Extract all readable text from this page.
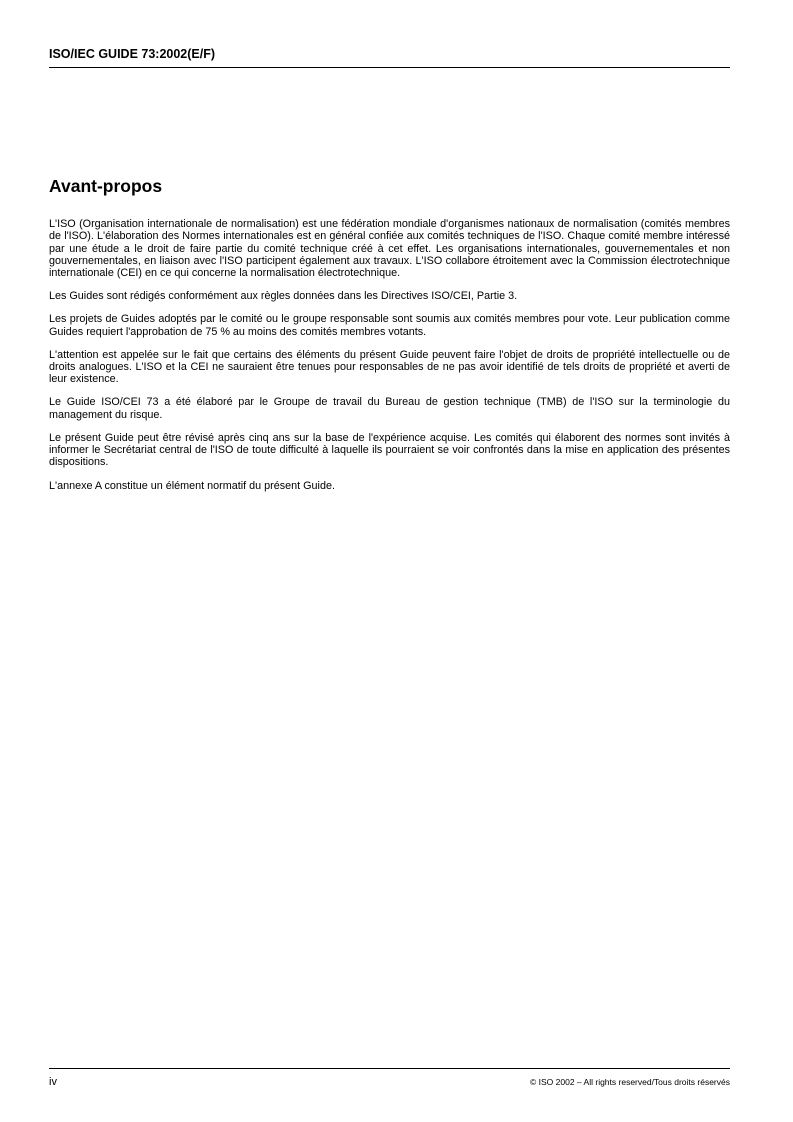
ISO/IEC GUIDE 73:2002(E/F)
Avant-propos

L'ISO (Organisation internationale de normalisation) est une fédération mondiale d'organismes nationaux de normalisation (comités membres de l'ISO). L'élaboration des Normes internationales est en général confiée aux comités techniques de l'ISO. Chaque comité membre intéressé par une étude a le droit de faire partie du comité technique créé à cet effet. Les organisations internationales, gouvernementales et non gouvernementales, en liaison avec l'ISO participent également aux travaux. L'ISO collabore étroitement avec la Commission électrotechnique internationale (CEI) en ce qui concerne la normalisation électrotechnique.

Les Guides sont rédigés conformément aux règles données dans les Directives ISO/CEI, Partie 3.

Les projets de Guides adoptés par le comité ou le groupe responsable sont soumis aux comités membres pour vote. Leur publication comme Guides requiert l'approbation de 75 % au moins des comités membres votants.

L'attention est appelée sur le fait que certains des éléments du présent Guide peuvent faire l'objet de droits de propriété intellectuelle ou de droits analogues. L'ISO et la CEI ne sauraient être tenues pour responsables de ne pas avoir identifié de tels droits de propriété et averti de leur existence.

Le Guide ISO/CEI 73 a été élaboré par le Groupe de travail du Bureau de gestion technique (TMB) de l'ISO sur la terminologie du management du risque.

Le présent Guide peut être révisé après cinq ans sur la base de l'expérience acquise. Les comités qui élaborent des normes sont invités à informer le Secrétariat central de l'ISO de toute difficulté à laquelle ils pourraient se voir confrontés dans la mise en application des présentes dispositions.

L'annexe A constitue un élément normatif du présent Guide.

iv	© ISO 2002 – All rights reserved/Tous droits réservés
